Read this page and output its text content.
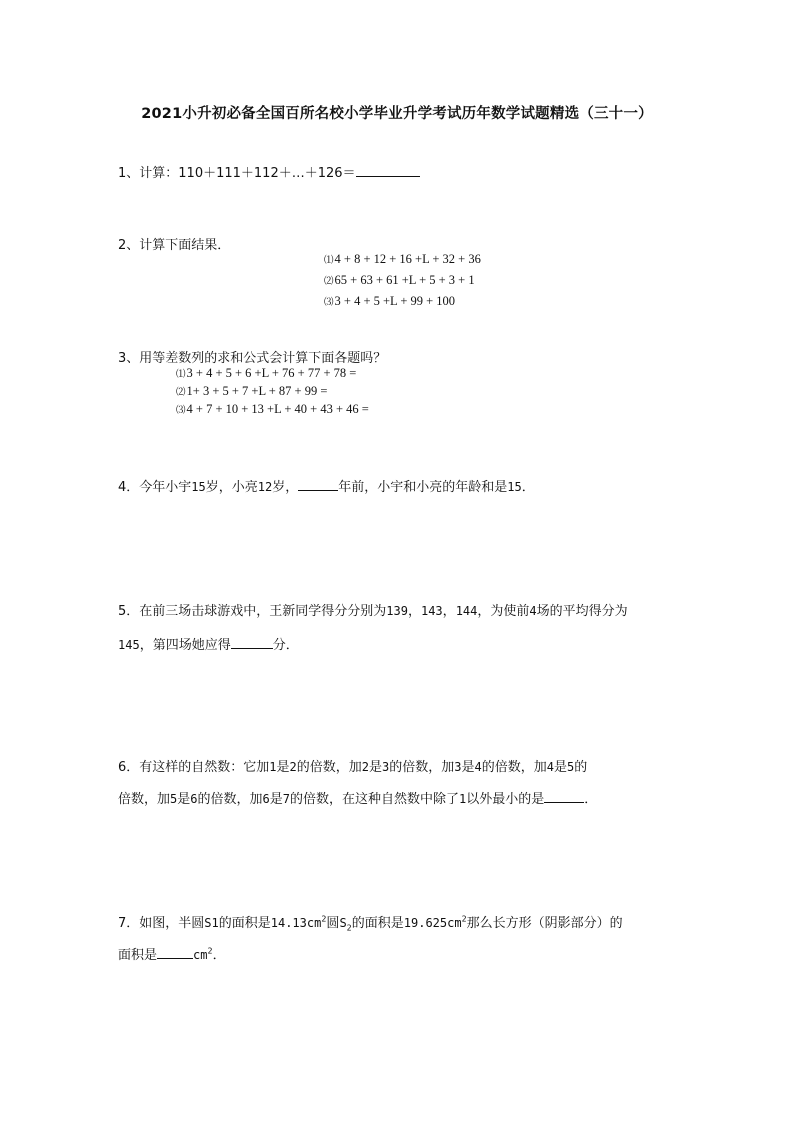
2021小升初必备全国百所名校小学毕业升学考试历年数学试题精选（三十一）
1、计算：110＋111＋112＋…＋126＝
2、计算下面结果．
⑴4 + 8 + 12 + 16 +L + 32 + 36
⑵65 + 63 + 61 +L + 5 + 3 + 1
⑶3 + 4 + 5 +L + 99 + 100
3、用等差数列的求和公式会计算下面各题吗？
⑴3 + 4 + 5 + 6 +L + 76 + 77 + 78 =
⑵1+ 3 + 5 + 7 +L + 87 + 99 =
⑶4 + 7 + 10 + 13 +L + 40 + 43 + 46 =
4．今年小宇15岁，小亮12岁，	年前，小宇和小亮的年龄和是15．
5．在前三场击球游戏中，王新同学得分分别为139，143，144，为使前4场的平均得分为
145，第四场她应得	分．
6．有这样的自然数：它加1是2的倍数，加2是3的倍数，加3是4的倍数，加4是5的
倍数，加5是6的倍数，加6是7的倍数，在这种自然数中除了1以外最小的是	．
7．如图，半圆S1的面积是$14.13cm^2$圆$S_2$的面积是$19.625cm^2$那么长方形（阴影部分）的
面积是	$cm^2$．
